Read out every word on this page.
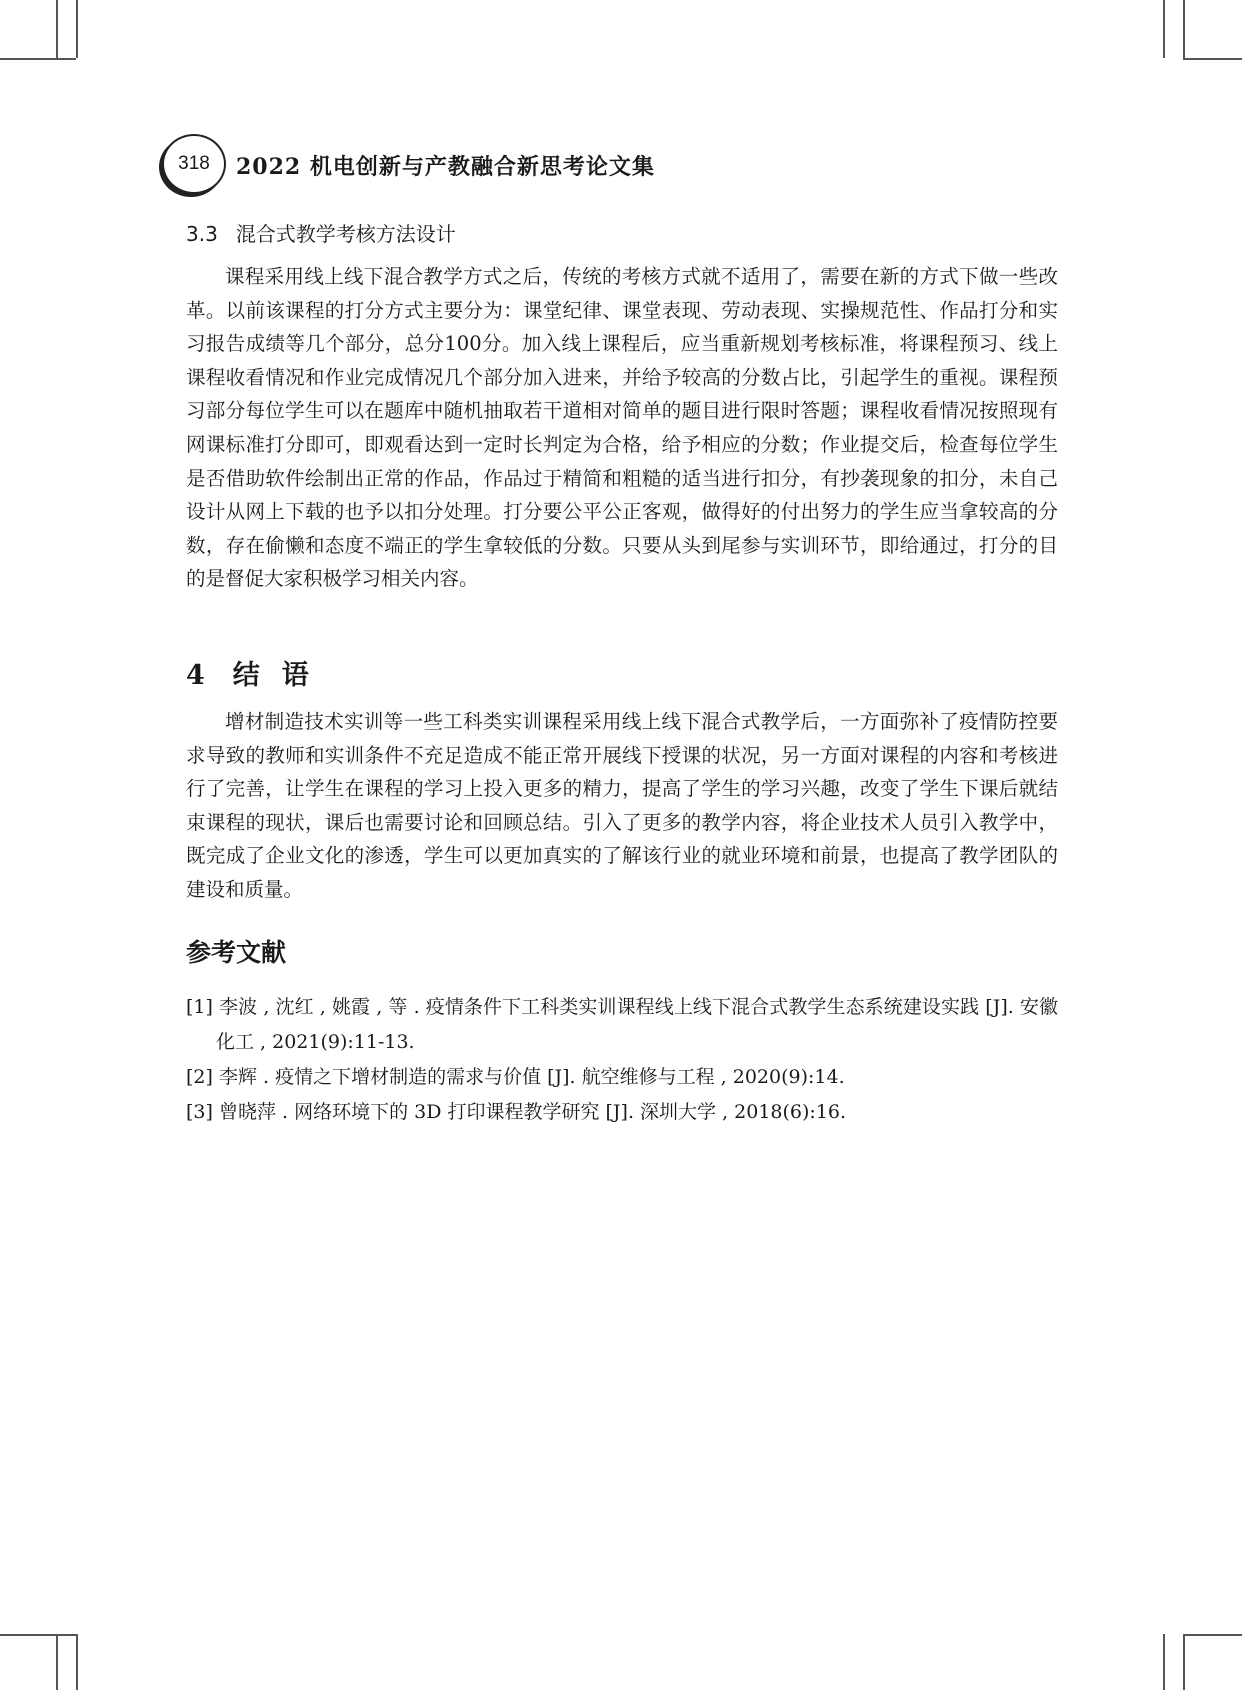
318	2022 机电创新与产教融合新思考论文集
3.3 混合式教学考核方法设计

课程采用线上线下混合教学方式之后，传统的考核方式就不适用了，需要在新的方式下做一些改革。以前该课程的打分方式主要分为：课堂纪律、课堂表现、劳动表现、实操规范性、作品打分和实习报告成绩等几个部分，总分100分。加入线上课程后，应当重新规划考核标准，将课程预习、线上课程收看情况和作业完成情况几个部分加入进来，并给予较高的分数占比，引起学生的重视。课程预习部分每位学生可以在题库中随机抽取若干道相对简单的题目进行限时答题；课程收看情况按照现有网课标准打分即可，即观看达到一定时长判定为合格，给予相应的分数；作业提交后，检查每位学生是否借助软件绘制出正常的作品，作品过于精简和粗糙的适当进行扣分，有抄袭现象的扣分，未自己设计从网上下载的也予以扣分处理。打分要公平公正客观，做得好的付出努力的学生应当拿较高的分数，存在偷懒和态度不端正的学生拿较低的分数。只要从头到尾参与实训环节，即给通过，打分的目的是督促大家积极学习相关内容。

4 结语

增材制造技术实训等一些工科类实训课程采用线上线下混合式教学后，一方面弥补了疫情防控要求导致的教师和实训条件不充足造成不能正常开展线下授课的状况，另一方面对课程的内容和考核进行了完善，让学生在课程的学习上投入更多的精力，提高了学生的学习兴趣，改变了学生下课后就结束课程的现状，课后也需要讨论和回顾总结。引入了更多的教学内容，将企业技术人员引入教学中，既完成了企业文化的渗透，学生可以更加真实的了解该行业的就业环境和前景，也提高了教学团队的建设和质量。

参考文献
[1] 李波 , 沈红 , 姚霞 , 等 . 疫情条件下工科类实训课程线上线下混合式教学生态系统建设实践 [J]. 安徽化工 , 2021(9):11-13.
[2] 李辉 . 疫情之下增材制造的需求与价值 [J]. 航空维修与工程 , 2020(9):14.
[3] 曾晓萍 . 网络环境下的 3D 打印课程教学研究 [J]. 深圳大学 , 2018(6):16.
